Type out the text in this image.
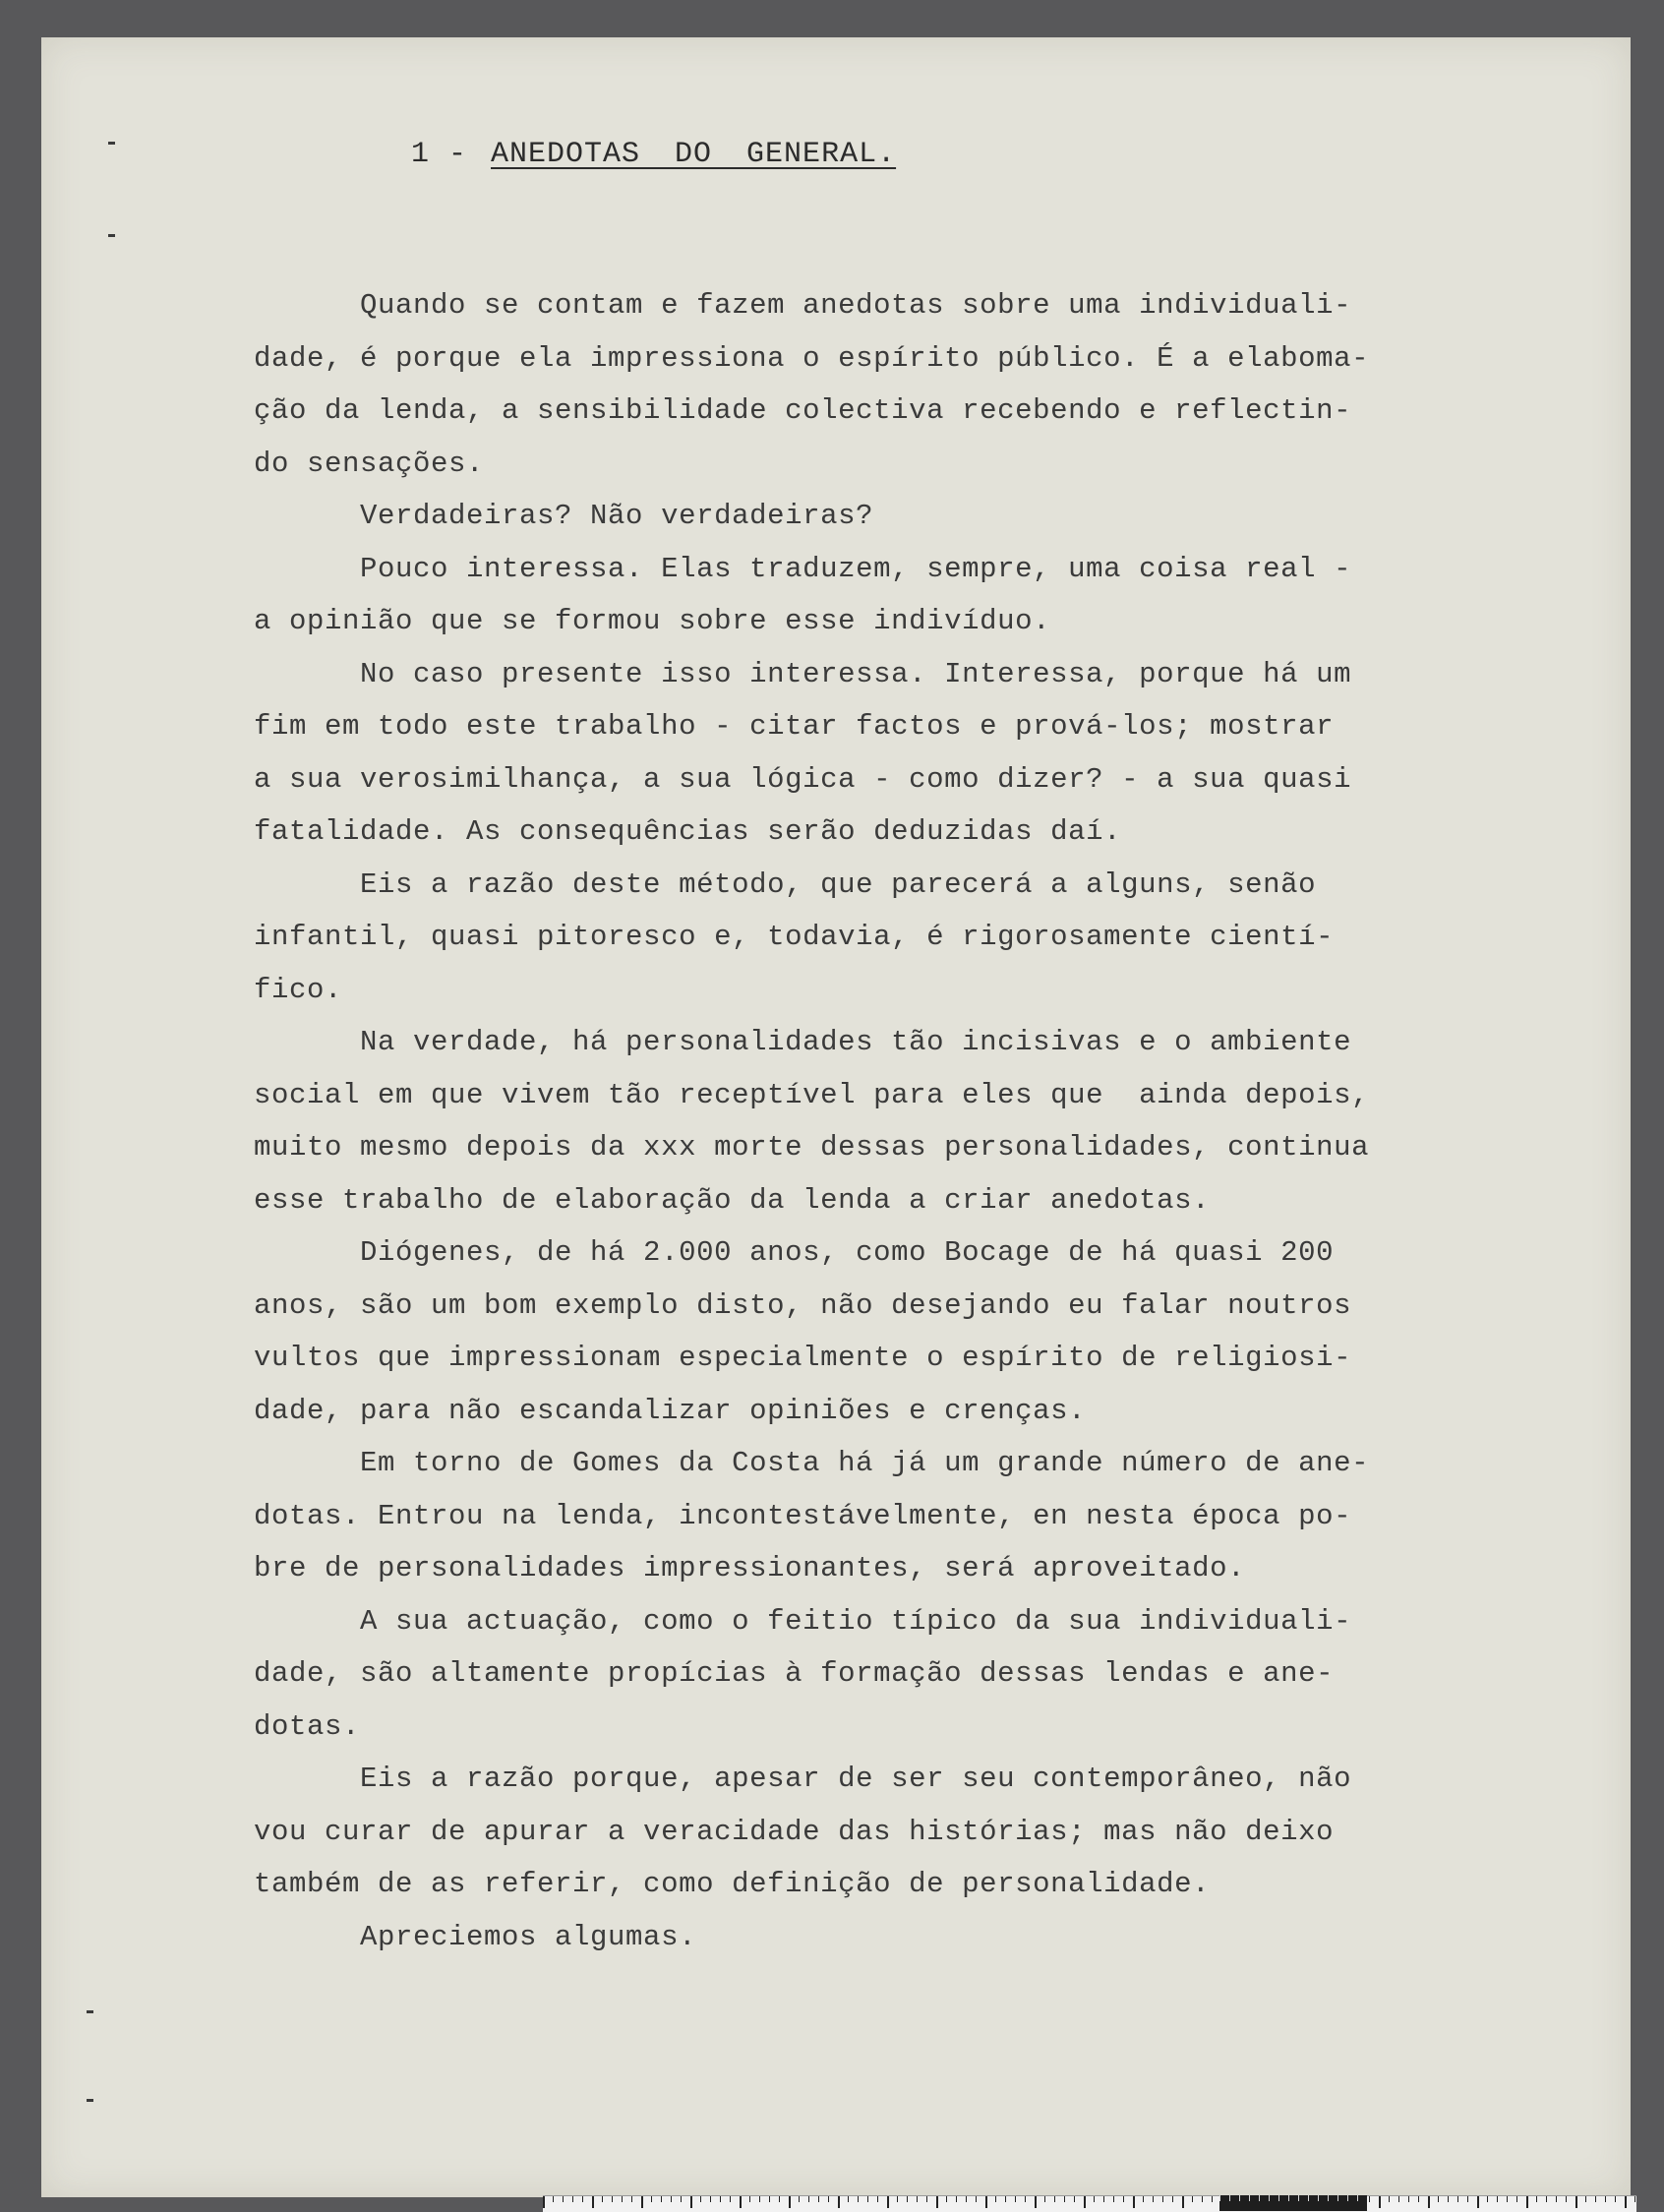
1 - ANEDOTAS DO GENERAL.

Quando se contam e fazem anedotas sobre uma individuali-

dade, é porque ela impressiona o espírito público. É a elaboma-

ção da lenda, a sensibilidade colectiva recebendo e reflectin-

do sensações.

Verdadeiras? Não verdadeiras?

Pouco interessa. Elas traduzem, sempre, uma coisa real -

a opinião que se formou sobre esse indivíduo.

No caso presente isso interessa. Interessa, porque há um

fim em todo este trabalho - citar factos e prová-los; mostrar

a sua verosimilhança, a sua lógica - como dizer? - a sua quasi

fatalidade. As consequências serão deduzidas daí.

Eis a razão deste método, que parecerá a alguns, senão

infantil, quasi pitoresco e, todavia, é rigorosamente cientí-

fico.

Na verdade, há personalidades tão incisivas e o ambiente

social em que vivem tão receptível para eles que  ainda depois,

muito mesmo depois da xxx morte dessas personalidades, continua

esse trabalho de elaboração da lenda a criar anedotas.

Diógenes, de há 2.000 anos, como Bocage de há quasi 200

anos, são um bom exemplo disto, não desejando eu falar noutros

vultos que impressionam especialmente o espírito de religiosi-

dade, para não escandalizar opiniões e crenças.

Em torno de Gomes da Costa há já um grande número de ane-

dotas. Entrou na lenda, incontestávelmente, en nesta época po-

bre de personalidades impressionantes, será aproveitado.

A sua actuação, como o feitio típico da sua individuali-

dade, são altamente propícias à formação dessas lendas e ane-

dotas.

Eis a razão porque, apesar de ser seu contemporâneo, não

vou curar de apurar a veracidade das histórias; mas não deixo

também de as referir, como definição de personalidade.

Apreciemos algumas.
